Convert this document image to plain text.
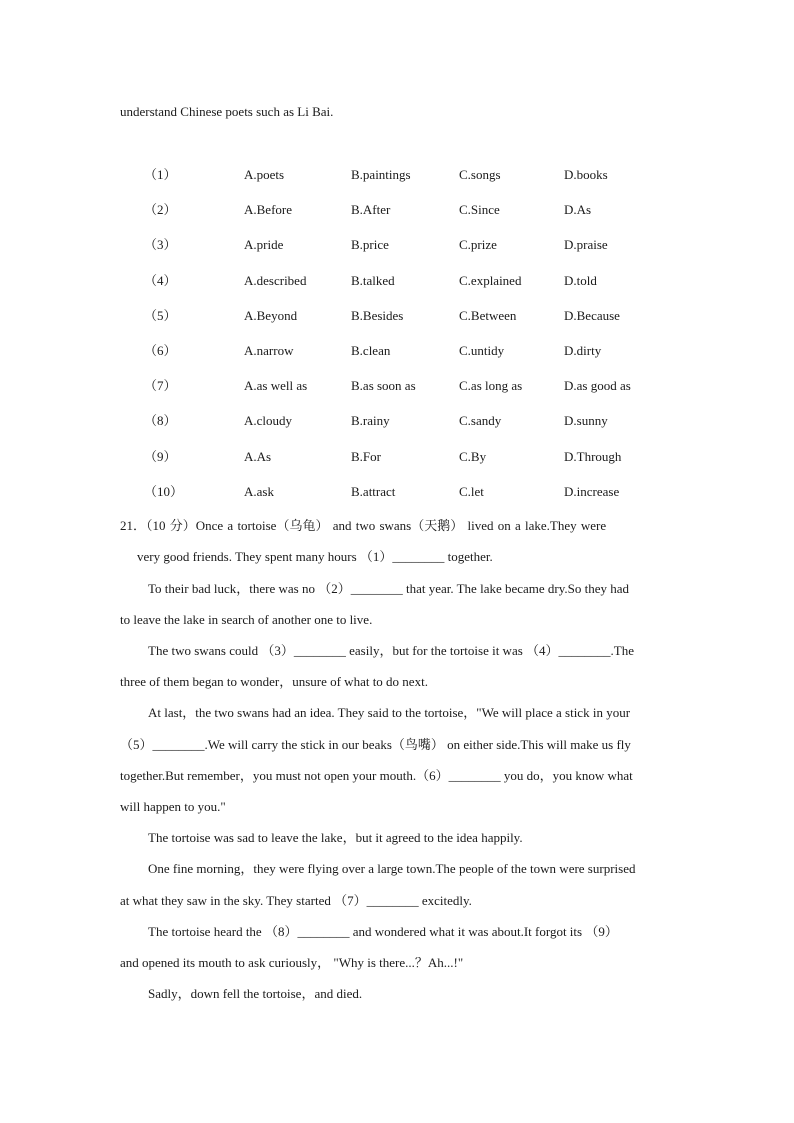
understand Chinese poets such as Li Bai.
（1）	A.poets	B.paintings	C.songs	D.books
（2）	A.Before	B.After	C.Since	D.As
（3）	A.pride	B.price	C.prize	D.praise
（4）	A.described	B.talked	C.explained	D.told
（5）	A.Beyond	B.Besides	C.Between	D.Because
（6）	A.narrow	B.clean	C.untidy	D.dirty
（7）	A.as well as	B.as soon as	C.as long as	D.as good as
（8）	A.cloudy	B.rainy	C.sandy	D.sunny
（9）	A.As	B.For	C.By	D.Through
（10）	A.ask	B.attract	C.let	D.increase
21．（10 分）Once a tortoise（乌龟） and two swans（天鹅） lived on a lake.They were
very good friends. They spent many hours （1）________ together.
To their bad luck，there was no （2）________ that year. The lake became dry.So they had
to leave the lake in search of another one to live.
The two swans could （3）________ easily，but for the tortoise it was （4）________.The
three of them began to wonder，unsure of what to do next.
At last，the two swans had an idea. They said to the tortoise，"We will place a stick in your
（5）________.We will carry the stick in our beaks（鸟嘴） on either side.This will make us fly
together.But remember，you must not open your mouth.（6）________ you do，you know what
will happen to you."
The tortoise was sad to leave the lake，but it agreed to the idea happily.
One fine morning，they were flying over a large town.The people of the town were surprised
at what they saw in the sky. They started （7）________ excitedly.
The tortoise heard the （8）________ and wondered what it was about.It forgot its （9）
and opened its mouth to ask curiously， "Why is there...？Ah...!"
Sadly，down fell the tortoise，and died.
